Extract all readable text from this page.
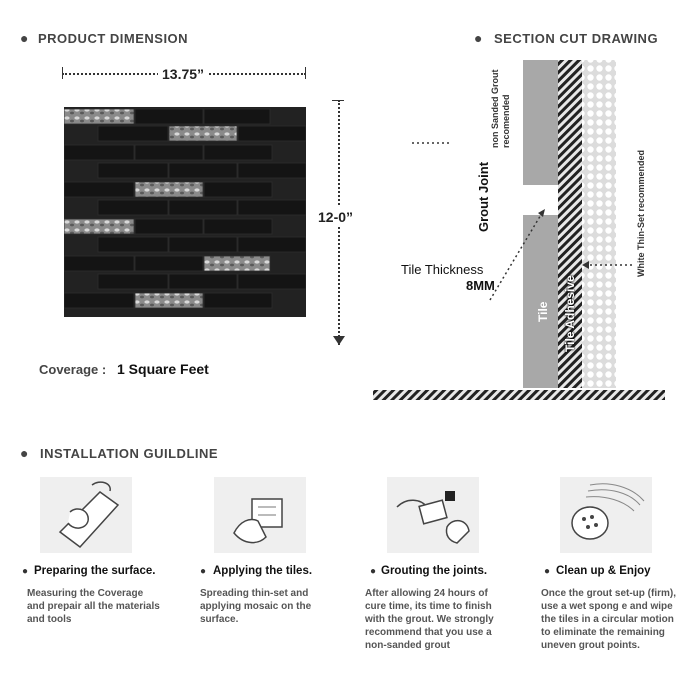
● PRODUCT DIMENSION
13.75”
12-0”
Coverage : 1 Square Feet
● SECTION CUT DRAWING
Grout Joint
non Sanded Grout recomended
Tile Thickness
8MM
Tile Tile Adhesive
White Thin-Set recommended
● INSTALLATION GUILDLINE
● Preparing the surface.
Measuring the Coverage and prepair all the materials and tools
● Applying the tiles.
Spreading thin-set and applying mosaic on the surface.
● Grouting the joints.
After allowing 24 hours of cure time, its time to finish with the grout. We strongly recommend that you use a non-sanded grout
● Clean up & Enjoy
Once the grout set-up (firm), use a wet spong e and wipe the tiles in a circular motion to eliminate the remaining uneven grout points.
